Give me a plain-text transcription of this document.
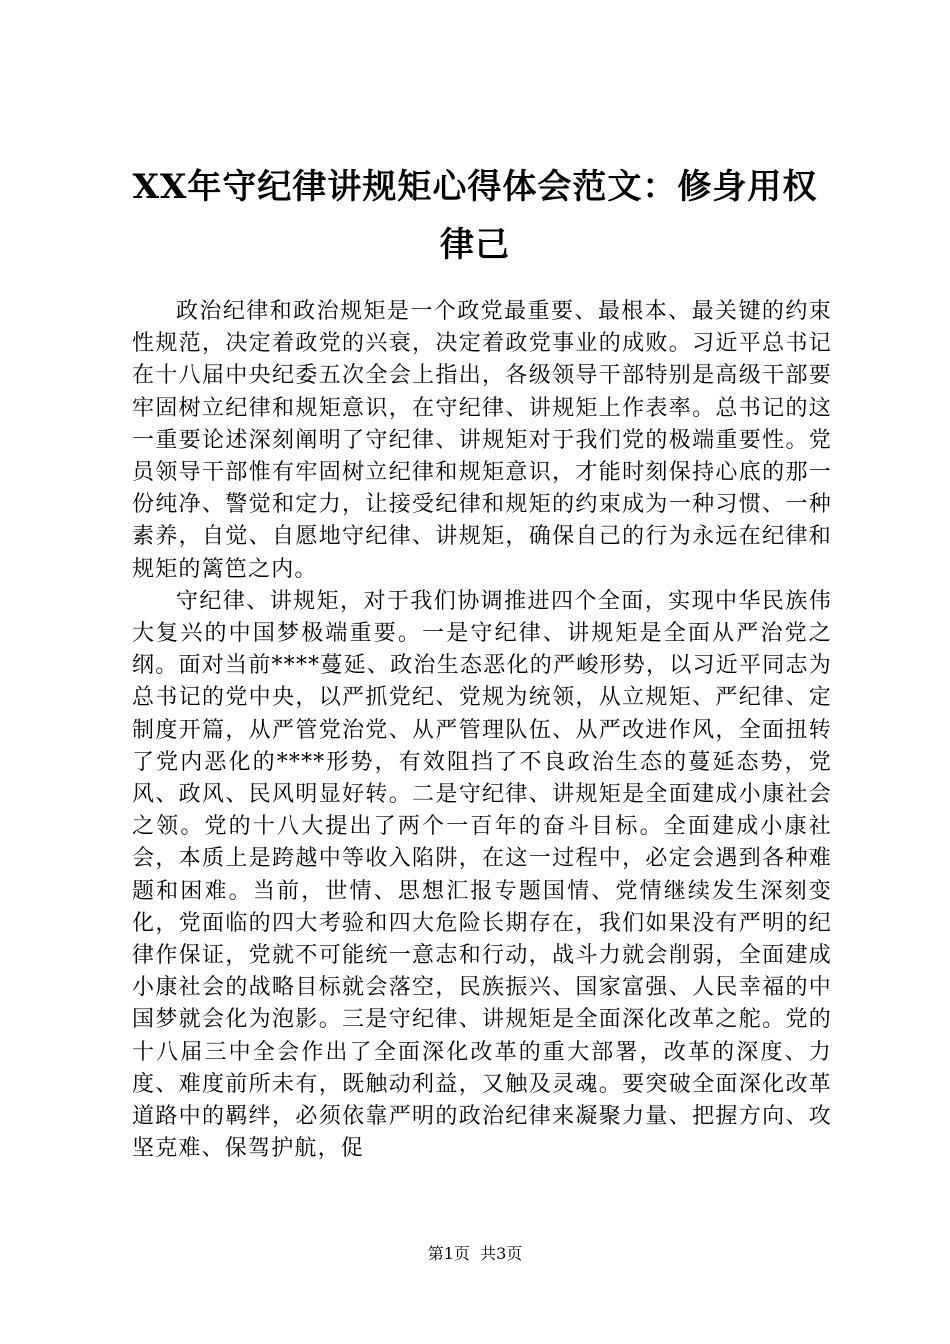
XX年守纪律讲规矩心得体会范文：修身用权
律己

政治纪律和政治规矩是一个政党最重要、最根本、最关键的约束性规范，决定着政党的兴衰，决定着政党事业的成败。习近平总书记在十八届中央纪委五次全会上指出，各级领导干部特别是高级干部要牢固树立纪律和规矩意识，在守纪律、讲规矩上作表率。总书记的这一重要论述深刻阐明了守纪律、讲规矩对于我们党的极端重要性。党员领导干部惟有牢固树立纪律和规矩意识，才能时刻保持心底的那一份纯净、警觉和定力，让接受纪律和规矩的约束成为一种习惯、一种素养，自觉、自愿地守纪律、讲规矩，确保自己的行为永远在纪律和规矩的篱笆之内。

守纪律、讲规矩，对于我们协调推进四个全面，实现中华民族伟大复兴的中国梦极端重要。一是守纪律、讲规矩是全面从严治党之纲。面对当前****蔓延、政治生态恶化的严峻形势，以习近平同志为总书记的党中央，以严抓党纪、党规为统领，从立规矩、严纪律、定制度开篇，从严管党治党、从严管理队伍、从严改进作风，全面扭转了党内恶化的****形势，有效阻挡了不良政治生态的蔓延态势，党风、政风、民风明显好转。二是守纪律、讲规矩是全面建成小康社会之领。党的十八大提出了两个一百年的奋斗目标。全面建成小康社会，本质上是跨越中等收入陷阱，在这一过程中，必定会遇到各种难题和困难。当前，世情、思想汇报专题国情、党情继续发生深刻变化，党面临的四大考验和四大危险长期存在，我们如果没有严明的纪律作保证，党就不可能统一意志和行动，战斗力就会削弱，全面建成小康社会的战略目标就会落空，民族振兴、国家富强、人民幸福的中国梦就会化为泡影。三是守纪律、讲规矩是全面深化改革之舵。党的十八届三中全会作出了全面深化改革的重大部署，改革的深度、力度、难度前所未有，既触动利益，又触及灵魂。要突破全面深化改革道路中的羁绊，必须依靠严明的政治纪律来凝聚力量、把握方向、攻坚克难、保驾护航，促

第1页  共3页
